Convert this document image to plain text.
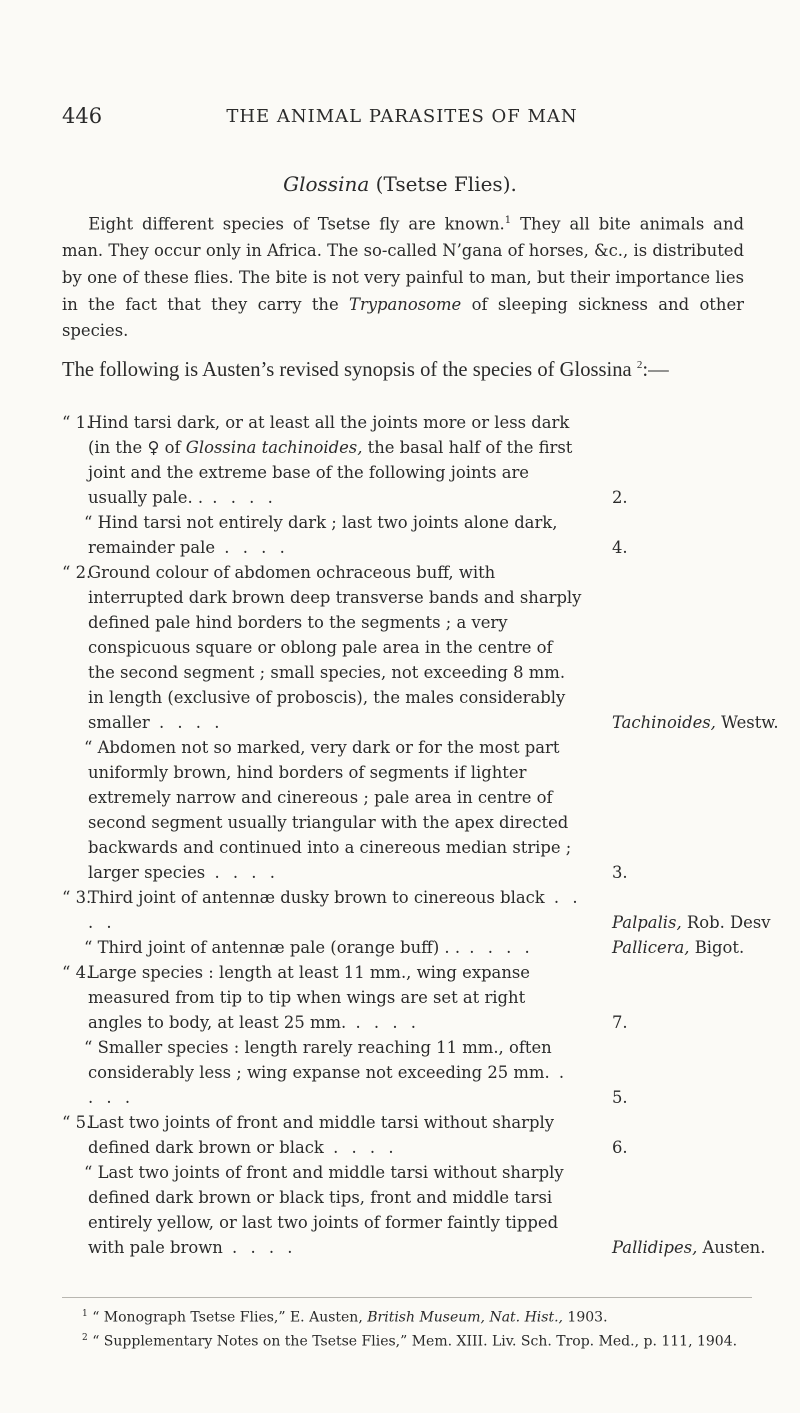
446	THE ANIMAL PARASITES OF MAN
Glossina (Tsetse Flies).

Eight different species of Tsetse fly are known.$^1$ They all bite animals and man. They occur only in Africa. The so-called N’gana of horses, &c., is distributed by one of these flies. The bite is not very painful to man, but their importance lies in the fact that they carry the Trypanosome of sleeping sickness and other species.

The following is Austen’s revised synopsis of the species of Glossina $^2$:—

“ 1.
Hind tarsi dark, or at least all the joints more or less dark (in the ♀ of Glossina tachinoides, the basal half of the first joint and the extreme base of the following joints are usually pale. . . . . .	2.
“ Hind tarsi not entirely dark ; last two joints alone dark, remainder pale . . . .	4.
“ 2.
Ground colour of abdomen ochraceous buff, with interrupted dark brown deep transverse bands and sharply defined pale hind borders to the segments ; a very conspicuous square or oblong pale area in the centre of the second segment ; small species, not exceeding 8 mm. in length (exclusive of proboscis), the males considerably smaller . . . .	Tachinoides, Westw.
“ Abdomen not so marked, very dark or for the most part uniformly brown, hind borders of segments if lighter extremely narrow and cinereous ; pale area in centre of second segment usually triangular with the apex directed backwards and continued into a cinereous median stripe ; larger species . . . .	3.
“ 3.
Third joint of antennæ dusky brown to cinereous black . . . .	Palpalis, Rob. Desv
“ Third joint of antennæ pale (orange buff) . . . . . .	Pallicera, Bigot.
“ 4.
Large species : length at least 11 mm., wing expanse measured from tip to tip when wings are set at right angles to body, at least 25 mm. . . . .	7.
“ Smaller species : length rarely reaching 11 mm., often considerably less ; wing expanse not exceeding 25 mm. . . . .	5.
“ 5.
Last two joints of front and middle tarsi without sharply defined dark brown or black . . . .	6.
“ Last two joints of front and middle tarsi without sharply defined dark brown or black tips, front and middle tarsi entirely yellow, or last two joints of former faintly tipped with pale brown . . . .	Pallidipes, Austen.

$^1$ “ Monograph Tsetse Flies,” E. Austen, British Museum, Nat. Hist., 1903.

$^2$ “ Supplementary Notes on the Tsetse Flies,” Mem. XIII. Liv. Sch. Trop. Med., p. 111, 1904.
